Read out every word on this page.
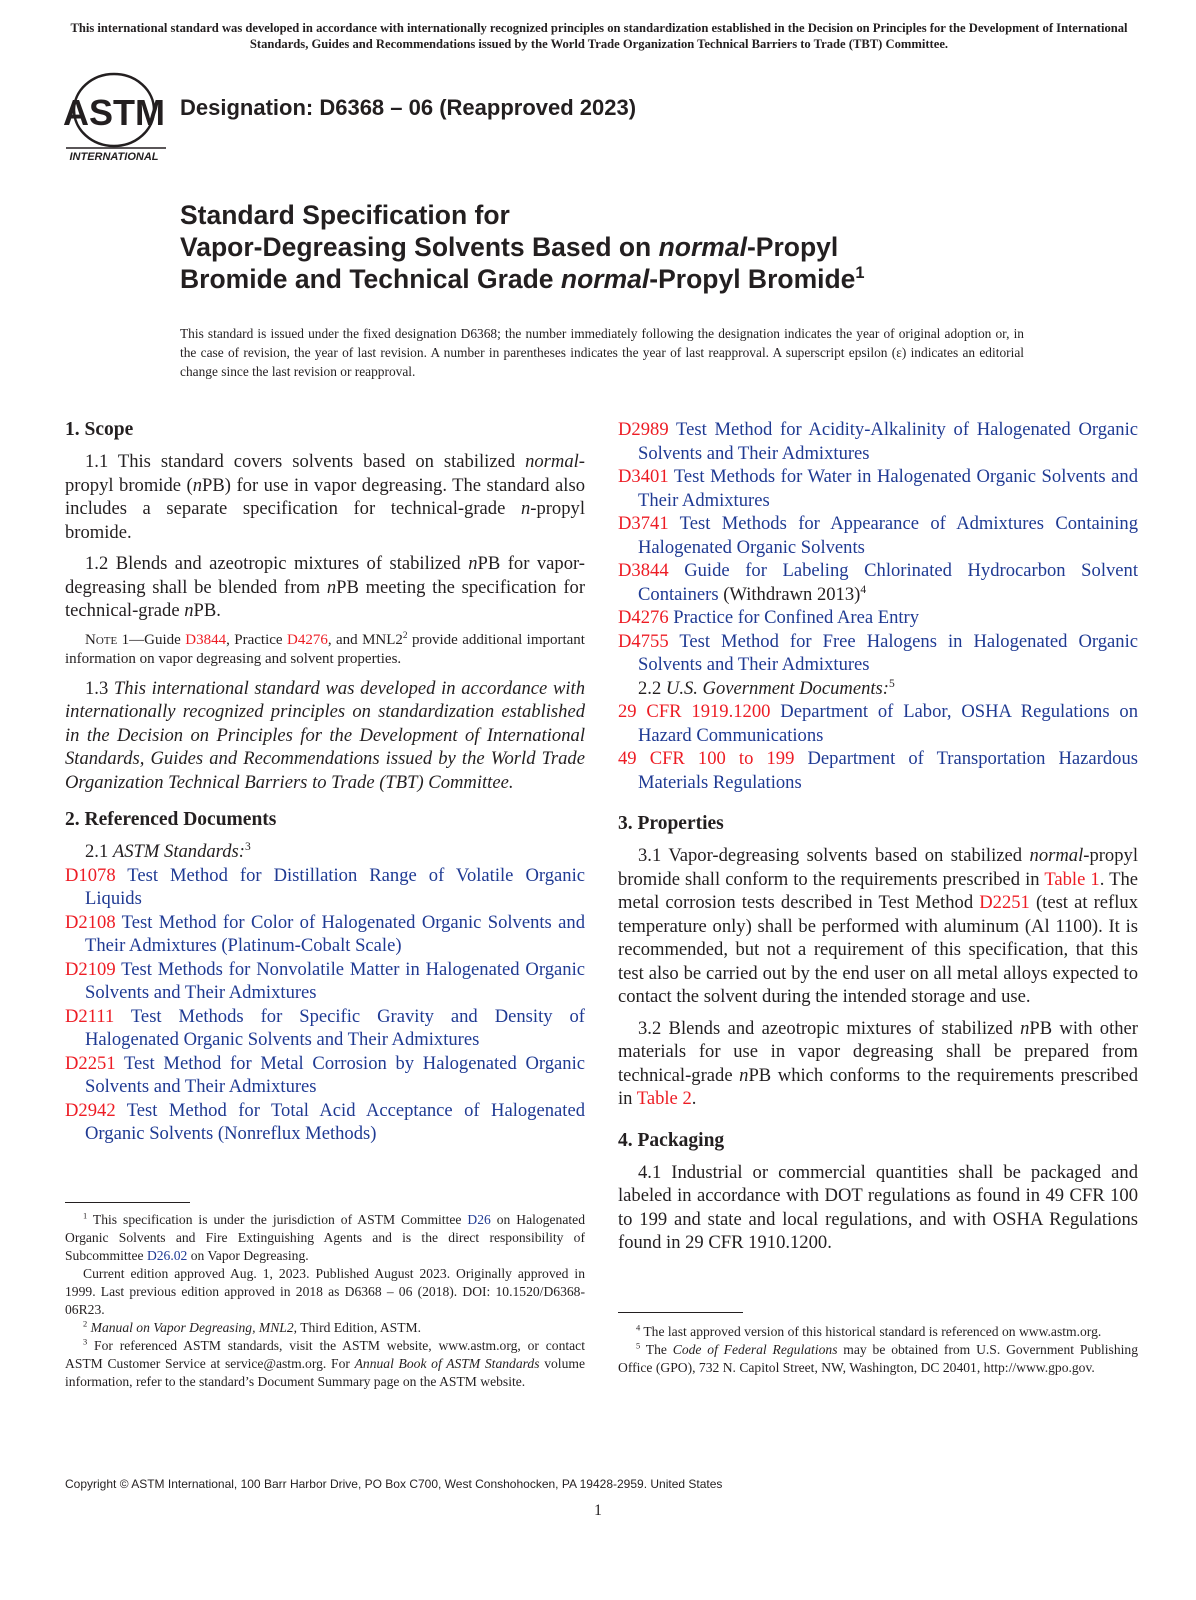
This international standard was developed in accordance with internationally recognized principles on standardization established in the Decision on Principles for the Development of International Standards, Guides and Recommendations issued by the World Trade Organization Technical Barriers to Trade (TBT) Committee.
ASTM
INTERNATIONAL
Designation: D6368 – 06 (Reapproved 2023)
Standard Specification for
Vapor-Degreasing Solvents Based on normal-Propyl
Bromide and Technical Grade normal-Propyl Bromide$^1$
This standard is issued under the fixed designation D6368; the number immediately following the designation indicates the year of original adoption or, in the case of revision, the year of last revision. A number in parentheses indicates the year of last reapproval. A superscript epsilon (ε) indicates an editorial change since the last revision or reapproval.
1. Scope

1.1 This standard covers solvents based on stabilized normal-propyl bromide (nPB) for use in vapor degreasing. The standard also includes a separate specification for technical-grade n-propyl bromide.

1.2 Blends and azeotropic mixtures of stabilized nPB for vapor-degreasing shall be blended from nPB meeting the specification for technical-grade nPB.

Note 1—Guide D3844, Practice D4276, and $MNL2^2$ provide additional important information on vapor degreasing and solvent properties.

1.3 This international standard was developed in accordance with internationally recognized principles on standardization established in the Decision on Principles for the Development of International Standards, Guides and Recommendations issued by the World Trade Organization Technical Barriers to Trade (TBT) Committee.

2. Referenced Documents

2.1 ASTM Standards:$^3$

D1078 Test Method for Distillation Range of Volatile Organic Liquids

D2108 Test Method for Color of Halogenated Organic Solvents and Their Admixtures (Platinum-Cobalt Scale)

D2109 Test Methods for Nonvolatile Matter in Halogenated Organic Solvents and Their Admixtures

D2111 Test Methods for Specific Gravity and Density of Halogenated Organic Solvents and Their Admixtures

D2251 Test Method for Metal Corrosion by Halogenated Organic Solvents and Their Admixtures

D2942 Test Method for Total Acid Acceptance of Halogenated Organic Solvents (Nonreflux Methods)

D2989 Test Method for Acidity-Alkalinity of Halogenated Organic Solvents and Their Admixtures

D3401 Test Methods for Water in Halogenated Organic Solvents and Their Admixtures

D3741 Test Methods for Appearance of Admixtures Containing Halogenated Organic Solvents

D3844 Guide for Labeling Chlorinated Hydrocarbon Solvent Containers (Withdrawn 2013)$^4$

D4276 Practice for Confined Area Entry

D4755 Test Method for Free Halogens in Halogenated Organic Solvents and Their Admixtures

2.2 U.S. Government Documents:$^5$

29 CFR 1919.1200 Department of Labor, OSHA Regulations on Hazard Communications

49 CFR 100 to 199 Department of Transportation Hazardous Materials Regulations

3. Properties

3.1 Vapor-degreasing solvents based on stabilized normal-propyl bromide shall conform to the requirements prescribed in Table 1. The metal corrosion tests described in Test Method D2251 (test at reflux temperature only) shall be performed with aluminum (Al 1100). It is recommended, but not a requirement of this specification, that this test also be carried out by the end user on all metal alloys expected to contact the solvent during the intended storage and use.

3.2 Blends and azeotropic mixtures of stabilized nPB with other materials for use in vapor degreasing shall be prepared from technical-grade nPB which conforms to the requirements prescribed in Table 2.

4. Packaging

4.1 Industrial or commercial quantities shall be packaged and labeled in accordance with DOT regulations as found in 49 CFR 100 to 199 and state and local regulations, and with OSHA Regulations found in 29 CFR 1910.1200.

$^1$ This specification is under the jurisdiction of ASTM Committee D26 on Halogenated Organic Solvents and Fire Extinguishing Agents and is the direct responsibility of Subcommittee D26.02 on Vapor Degreasing.

Current edition approved Aug. 1, 2023. Published August 2023. Originally approved in 1999. Last previous edition approved in 2018 as D6368 – 06 (2018). DOI: 10.1520/D6368-06R23.

$^2$ Manual on Vapor Degreasing, MNL2, Third Edition, ASTM.

$^3$ For referenced ASTM standards, visit the ASTM website, www.astm.org, or contact ASTM Customer Service at service@astm.org. For Annual Book of ASTM Standards volume information, refer to the standard’s Document Summary page on the ASTM website.

$^4$ The last approved version of this historical standard is referenced on www.astm.org.

$^5$ The Code of Federal Regulations may be obtained from U.S. Government Publishing Office (GPO), 732 N. Capitol Street, NW, Washington, DC 20401, http://www.gpo.gov.

Copyright © ASTM International, 100 Barr Harbor Drive, PO Box C700, West Conshohocken, PA 19428-2959. United States
1
